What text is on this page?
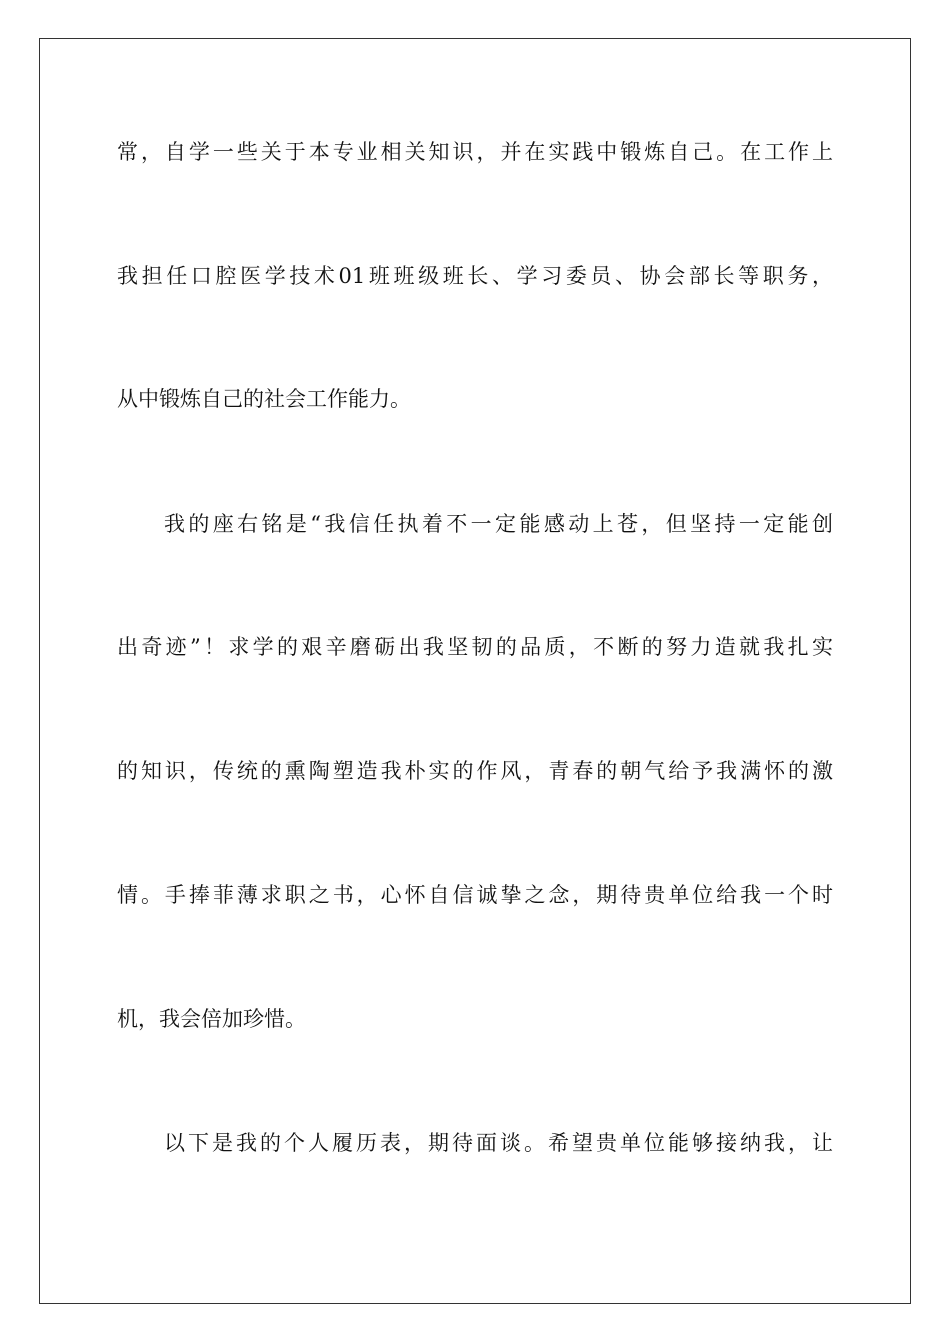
常，自学一些关于本专业相关知识，并在实践中锻炼自己。在工作上
我担任口腔医学技术01班班级班长、学习委员、协会部长等职务，
从中锻炼自己的社会工作能力。
我的座右铭是“我信任执着不一定能感动上苍，但坚持一定能创
出奇迹”！求学的艰辛磨砺出我坚韧的品质，不断的努力造就我扎实
的知识，传统的熏陶塑造我朴实的作风，青春的朝气给予我满怀的激
情。手捧菲薄求职之书，心怀自信诚挚之念，期待贵单位给我一个时
机，我会倍加珍惜。
以下是我的个人履历表，期待面谈。希望贵单位能够接纳我，让
